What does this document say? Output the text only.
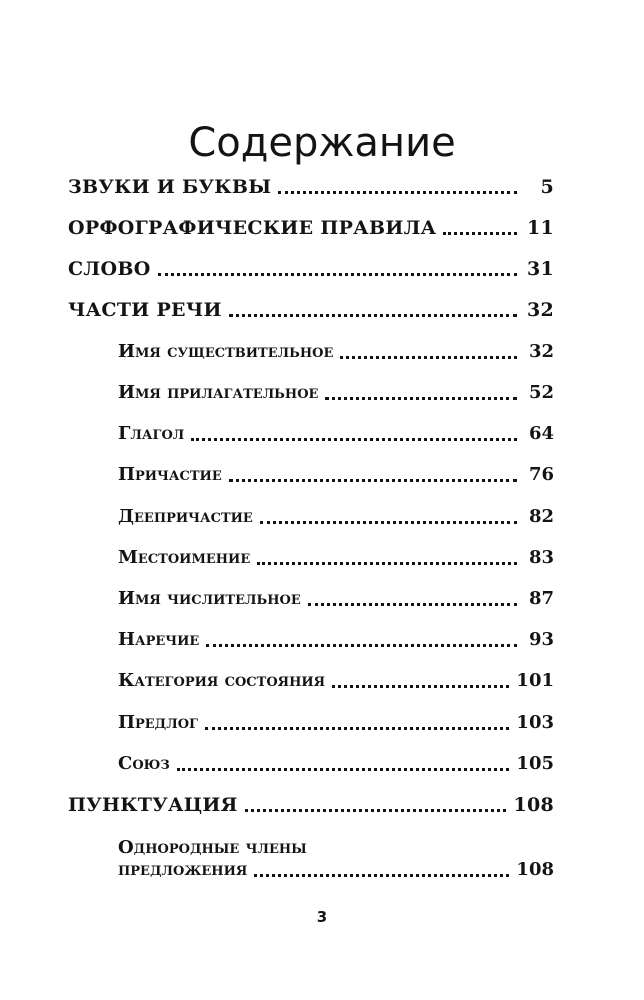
Содержание
ЗВУКИ И БУКВЫ	5
ОРФОГРАФИЧЕСКИЕ ПРАВИЛА	11
СЛОВО	31
ЧАСТИ РЕЧИ	32
Имя существительное	32
Имя прилагательное	52
Глагол	64
Причастие	76
Деепричастие	82
Местоимение	83
Имя числительное	87
Наречие	93
Категория состояния	101
Предлог	103
Союз	105
ПУНКТУАЦИЯ	108
Однородные члены
предложения	108
3
